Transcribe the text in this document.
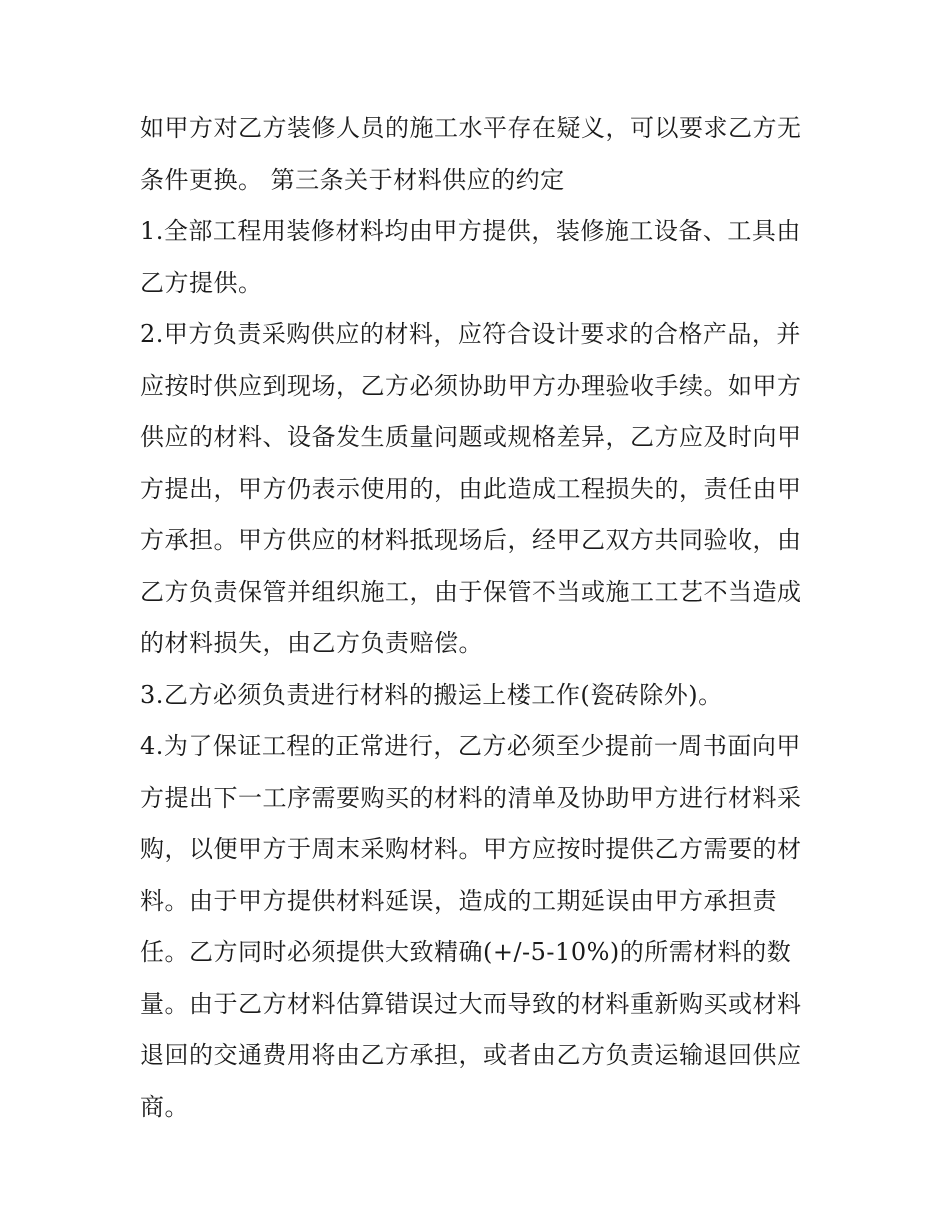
如甲方对乙方装修人员的施工水平存在疑义，可以要求乙方无
条件更换。 第三条关于材料供应的约定
1.全部工程用装修材料均由甲方提供，装修施工设备、工具由
乙方提供。
2.甲方负责采购供应的材料，应符合设计要求的合格产品，并
应按时供应到现场，乙方必须协助甲方办理验收手续。如甲方
供应的材料、设备发生质量问题或规格差异，乙方应及时向甲
方提出，甲方仍表示使用的，由此造成工程损失的，责任由甲
方承担。甲方供应的材料抵现场后，经甲乙双方共同验收，由
乙方负责保管并组织施工，由于保管不当或施工工艺不当造成
的材料损失，由乙方负责赔偿。
3.乙方必须负责进行材料的搬运上楼工作(瓷砖除外)。
4.为了保证工程的正常进行，乙方必须至少提前一周书面向甲
方提出下一工序需要购买的材料的清单及协助甲方进行材料采
购，以便甲方于周末采购材料。甲方应按时提供乙方需要的材
料。由于甲方提供材料延误，造成的工期延误由甲方承担责
任。乙方同时必须提供大致精确(+/-5-10%)的所需材料的数
量。由于乙方材料估算错误过大而导致的材料重新购买或材料
退回的交通费用将由乙方承担，或者由乙方负责运输退回供应
商。
